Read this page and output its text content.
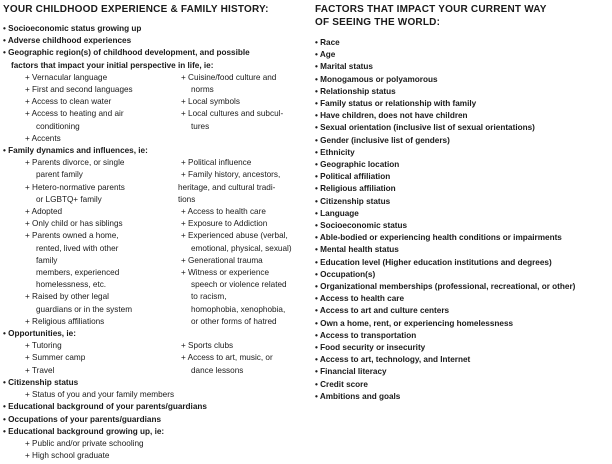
YOUR CHILDHOOD EXPERIENCE & FAMILY HISTORY:
• Socioeconomic status growing up
• Adverse childhood experiences
• Geographic region(s) of childhood development, and possible
factors that impact your initial perspective in life, ie:
+ Vernacular language
+ First and second languages
+ Access to clean water
+ Access to heating and air
conditioning
+ Accents
+ Cuisine/food culture and
norms
+ Local symbols
+ Local cultures and subcul-
tures
• Family dynamics and influences, ie:
+ Parents divorce, or single
parent family
+ Hetero-normative parents
or LGBTQ+ family
+ Adopted
+ Only child or has siblings
+ Parents owned a home,
rented, lived with other
family
members, experienced
homelessness, etc.
+ Raised by other legal
guardians or in the system
+ Religious affiliations
+ Political influence
+ Family history, ancestors,
heritage, and cultural tradi-
tions
+ Access to health care
+ Exposure to Addiction
+ Experienced abuse (verbal,
emotional, physical, sexual)
+ Generational trauma
+ Witness or experience
speech or violence related
to racism,
homophobia, xenophobia,
or other forms of hatred
• Opportunities, ie:
+ Tutoring
+ Summer camp
+ Travel
+ Sports clubs
+ Access to art, music, or
dance lessons
• Citizenship status
+ Status of you and your family members
• Educational background of your parents/guardians
• Occupations of your parents/guardians
• Educational background growing up, ie:
+ Public and/or private schooling
+ High school graduate
FACTORS THAT IMPACT YOUR CURRENT WAY
OF SEEING THE WORLD:
• Race
• Age
• Marital status
• Monogamous or polyamorous
• Relationship status
• Family status or relationship with family
• Have children, does not have children
• Sexual orientation (inclusive list of sexual orientations)
• Gender (inclusive list of genders)
• Ethnicity
• Geographic location
• Political affiliation
• Religious affiliation
• Citizenship status
• Language
• Socioeconomic status
• Able-bodied or experiencing health conditions or impairments
• Mental health status
• Education level (Higher education institutions and degrees)
• Occupation(s)
• Organizational memberships (professional, recreational, or other)
• Access to health care
• Access to art and culture centers
• Own a home, rent, or experiencing homelessness
• Access to transportation
• Food security or insecurity
• Access to art, technology, and Internet
• Financial literacy
• Credit score
• Ambitions and goals
